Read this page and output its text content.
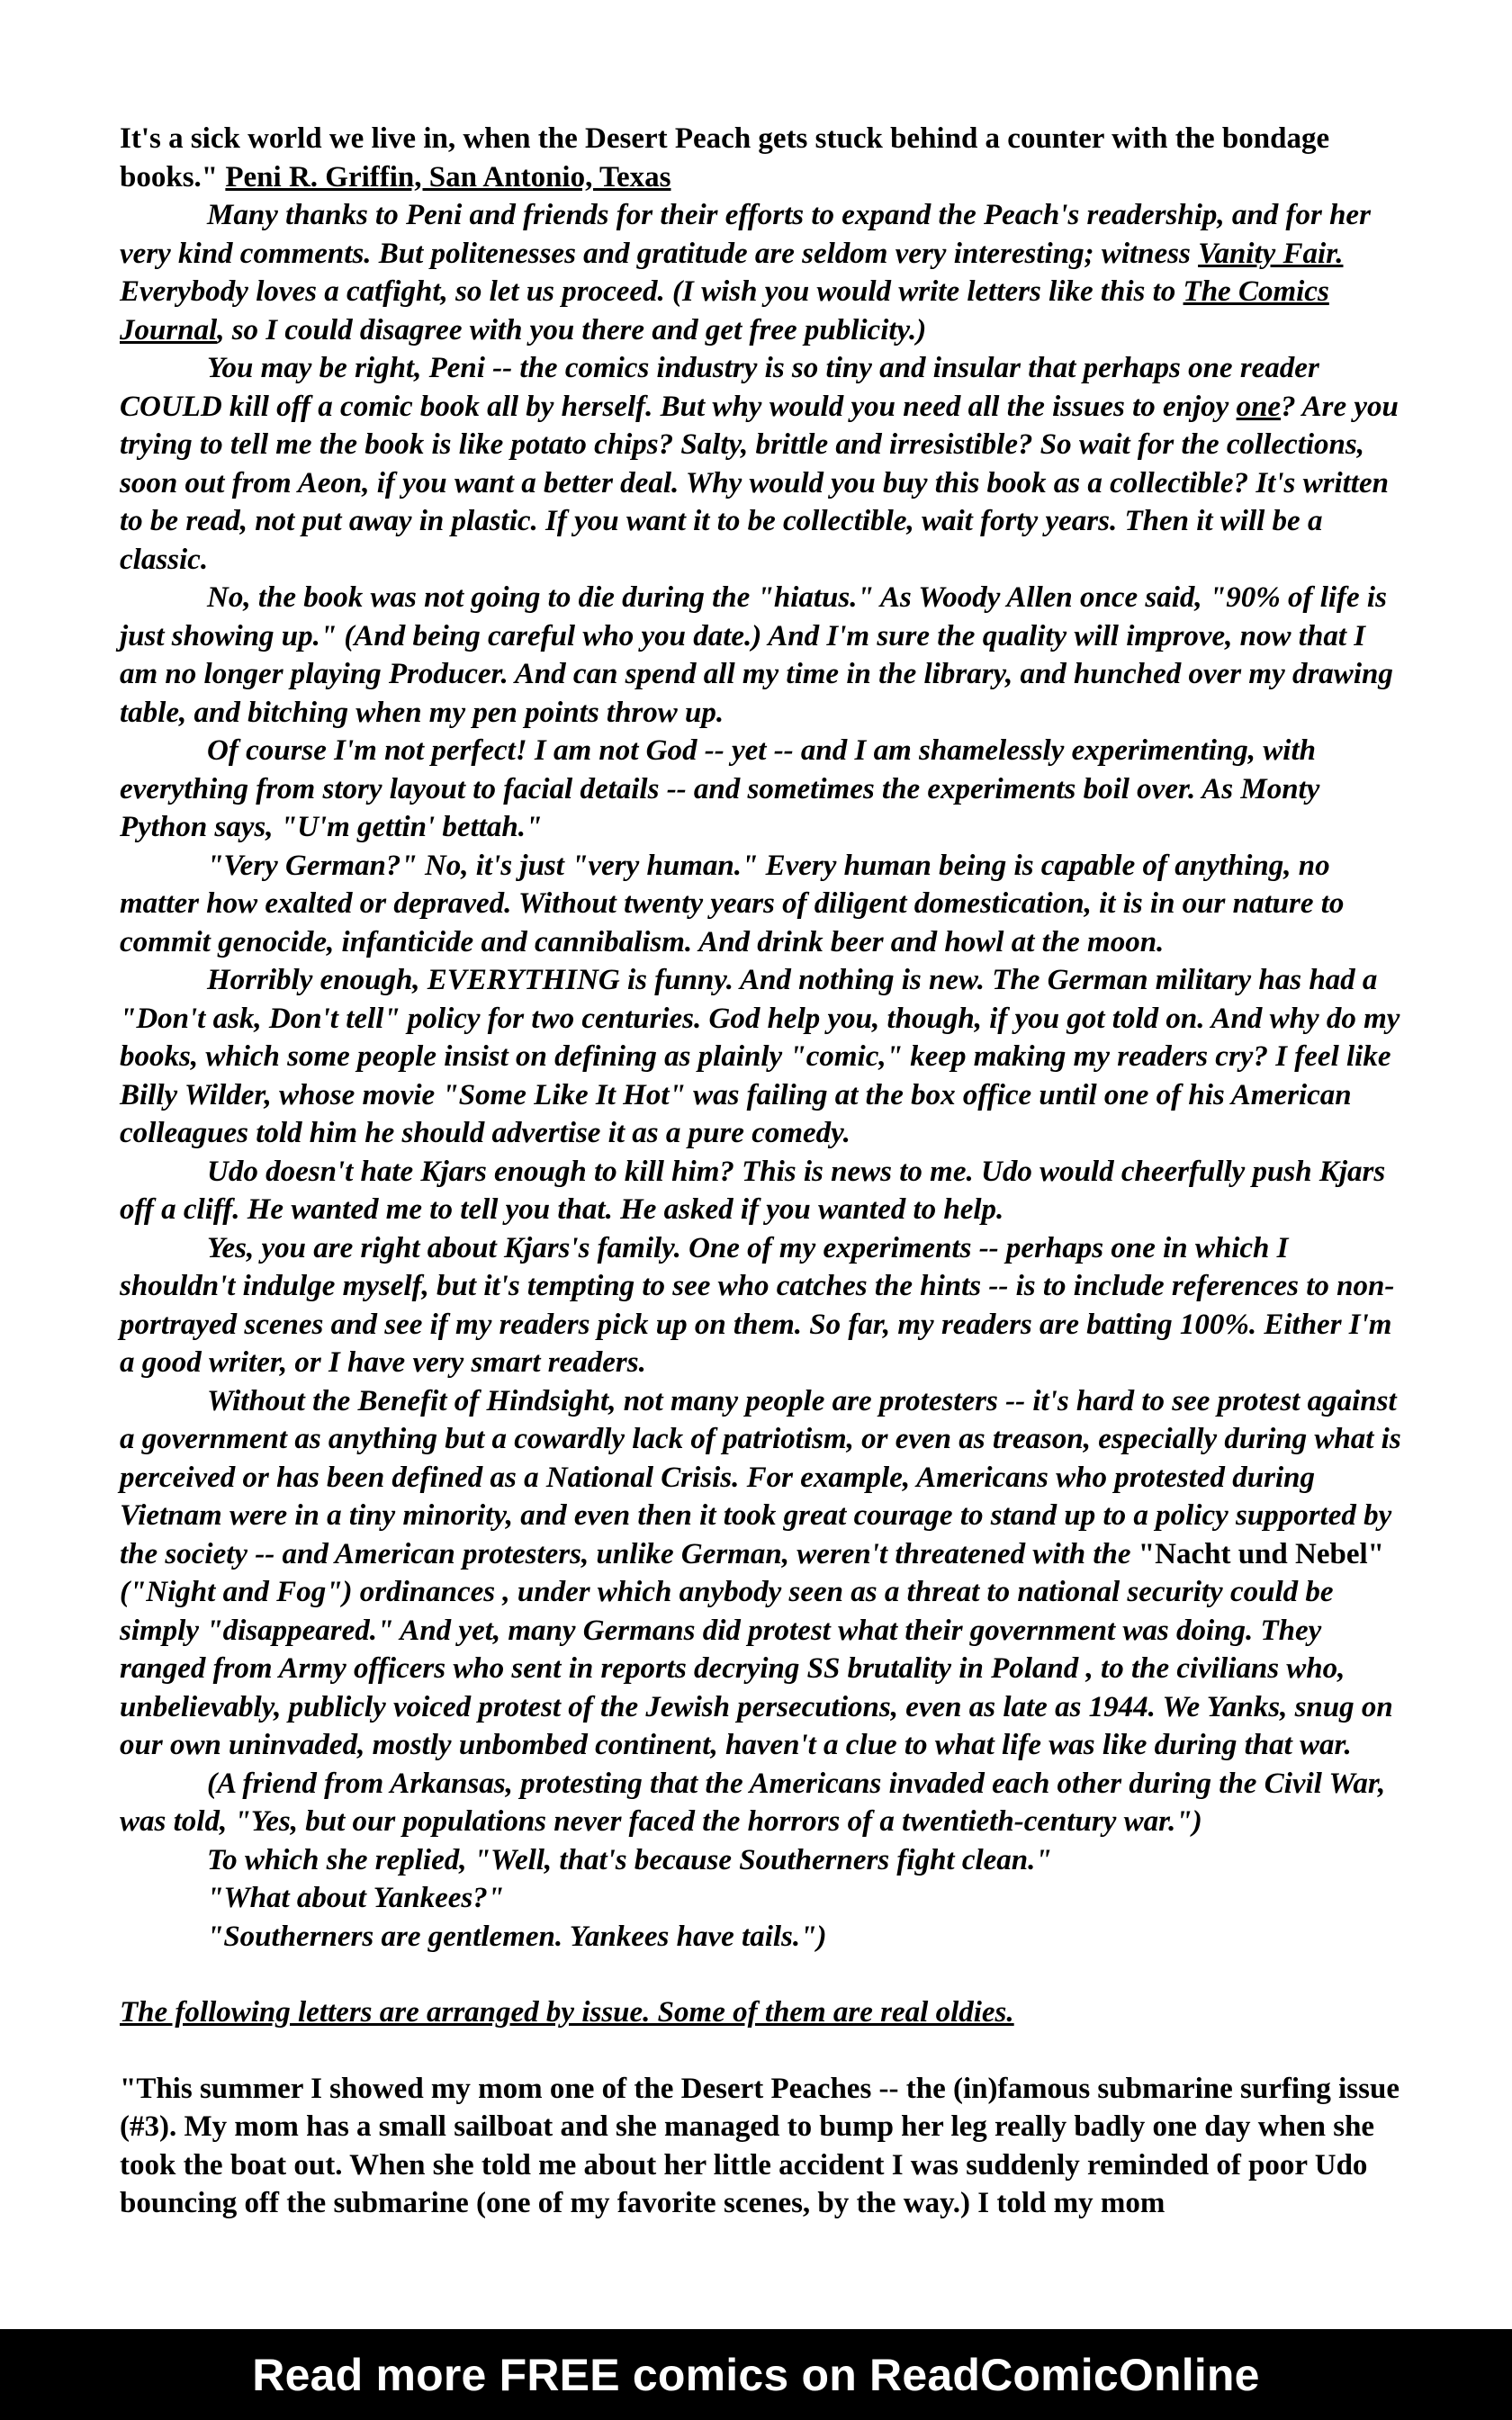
It's a sick world we live in, when the Desert Peach gets stuck behind a counter with the bondage books." Peni R. Griffin, San Antonio, Texas

Many thanks to Peni and friends for their efforts to expand the Peach's readership, and for her very kind comments. But politenesses and gratitude are seldom very interesting; witness Vanity Fair. Everybody loves a catfight, so let us proceed. (I wish you would write letters like this to The Comics Journal, so I could disagree with you there and get free publicity.)

You may be right, Peni -- the comics industry is so tiny and insular that perhaps one reader COULD kill off a comic book all by herself. But why would you need all the issues to enjoy one? Are you trying to tell me the book is like potato chips? Salty, brittle and irresistible? So wait for the collections, soon out from Aeon, if you want a better deal. Why would you buy this book as a collectible? It's written to be read, not put away in plastic. If you want it to be collectible, wait forty years. Then it will be a classic.

No, the book was not going to die during the "hiatus." As Woody Allen once said, "90% of life is just showing up." (And being careful who you date.) And I'm sure the quality will improve, now that I am no longer playing Producer. And can spend all my time in the library, and hunched over my drawing table, and bitching when my pen points throw up.

Of course I'm not perfect! I am not God -- yet -- and I am shamelessly experimenting, with everything from story layout to facial details -- and sometimes the experiments boil over. As Monty Python says, "U'm gettin' bettah."

"Very German?" No, it's just "very human." Every human being is capable of anything, no matter how exalted or depraved. Without twenty years of diligent domestication, it is in our nature to commit genocide, infanticide and cannibalism. And drink beer and howl at the moon.

Horribly enough, EVERYTHING is funny. And nothing is new. The German military has had a "Don't ask, Don't tell" policy for two centuries. God help you, though, if you got told on. And why do my books, which some people insist on defining as plainly "comic," keep making my readers cry? I feel like Billy Wilder, whose movie "Some Like It Hot" was failing at the box office until one of his American colleagues told him he should advertise it as a pure comedy.

Udo doesn't hate Kjars enough to kill him? This is news to me. Udo would cheerfully push Kjars off a cliff. He wanted me to tell you that. He asked if you wanted to help.

Yes, you are right about Kjars's family. One of my experiments -- perhaps one in which I shouldn't indulge myself, but it's tempting to see who catches the hints -- is to include references to non-portrayed scenes and see if my readers pick up on them. So far, my readers are batting 100%. Either I'm a good writer, or I have very smart readers.

Without the Benefit of Hindsight, not many people are protesters -- it's hard to see protest against a government as anything but a cowardly lack of patriotism, or even as treason, especially during what is perceived or has been defined as a National Crisis. For example, Americans who protested during Vietnam were in a tiny minority, and even then it took great courage to stand up to a policy supported by the society -- and American protesters, unlike German, weren't threatened with the "Nacht und Nebel" ("Night and Fog") ordinances , under which anybody seen as a threat to national security could be simply "disappeared." And yet, many Germans did protest what their government was doing. They ranged from Army officers who sent in reports decrying SS brutality in Poland , to the civilians who, unbelievably, publicly voiced protest of the Jewish persecutions, even as late as 1944. We Yanks, snug on our own uninvaded, mostly unbombed continent, haven't a clue to what life was like during that war.

(A friend from Arkansas, protesting that the Americans invaded each other during the Civil War, was told, "Yes, but our populations never faced the horrors of a twentieth-century war.")

To which she replied, "Well, that's because Southerners fight clean."

"What about Yankees?"

"Southerners are gentlemen. Yankees have tails.")

The following letters are arranged by issue. Some of them are real oldies.

"This summer I showed my mom one of the Desert Peaches -- the (in)famous submarine surfing issue (#3). My mom has a small sailboat and she managed to bump her leg really badly one day when she took the boat out. When she told me about her little accident I was suddenly reminded of poor Udo bouncing off the submarine (one of my favorite scenes, by the way.) I told my mom

Read more FREE comics on ReadComicOnline
